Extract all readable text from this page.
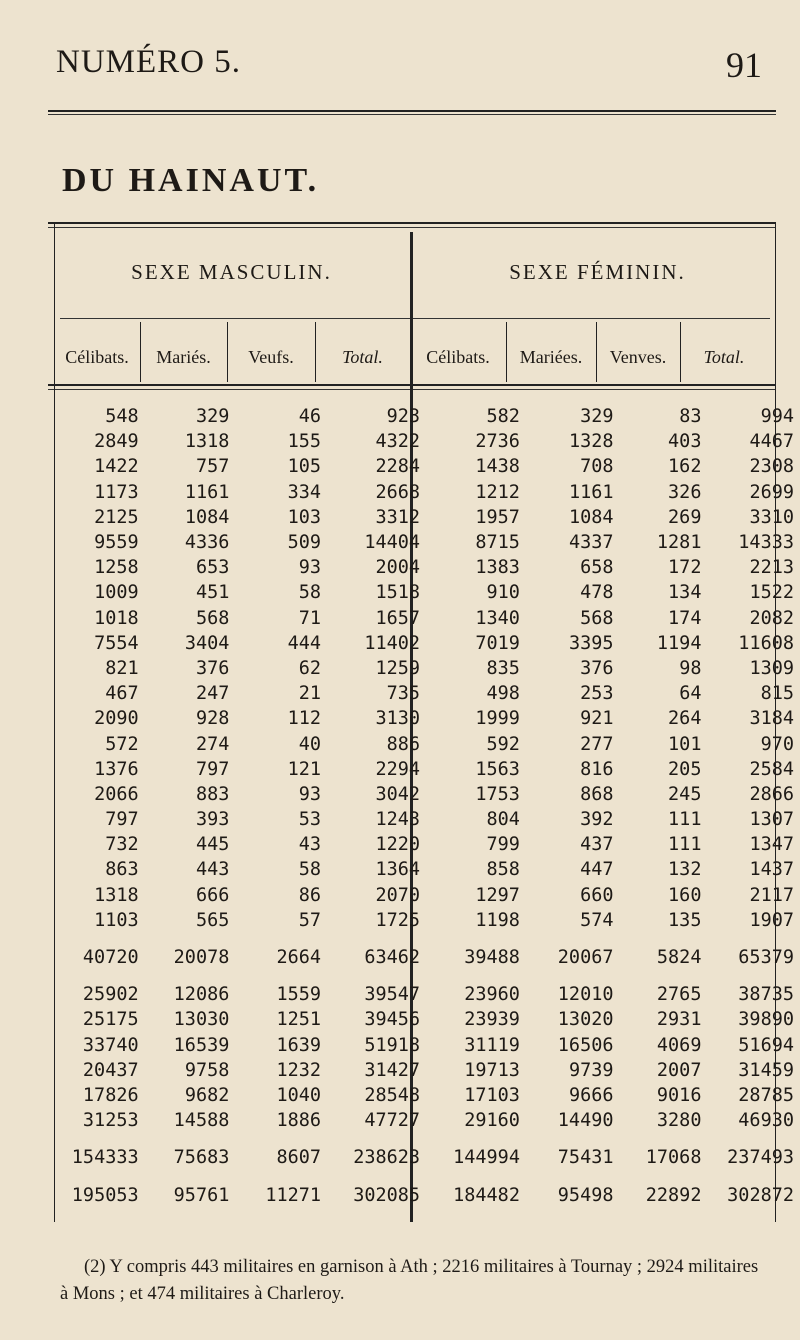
NUMÉRO 5.	91
DU HAINAUT.
SEXE MASCULIN.	SEXE FÉMININ.
Célibats.	Mariés.	Veufs.	Total.	Célibats.	Mariées.	Venves.	Total.
548	329	46	923	582	329	83	994
2849	1318	155	4322	2736	1328	403	4467
1422	757	105	2284	1438	708	162	2308
1173	1161	334	2668	1212	1161	326	2699
2125	1084	103	3312	1957	1084	269	3310
9559	4336	509	14404	8715	4337	1281	14333
1258	653	93	2004	1383	658	172	2213
1009	451	58	1518	910	478	134	1522
1018	568	71	1657	1340	568	174	2082
7554	3404	444	11402	7019	3395	1194	11608
821	376	62	1259	835	376	98	1309
467	247	21	735	498	253	64	815
2090	928	112	3130	1999	921	264	3184
572	274	40	886	592	277	101	970
1376	797	121	2294	1563	816	205	2584
2066	883	93	3042	1753	868	245	2866
797	393	53	1243	804	392	111	1307
732	445	43	1220	799	437	111	1347
863	443	58	1364	858	447	132	1437
1318	666	86	2070	1297	660	160	2117
1103	565	57	1725	1198	574	135	1907

40720	20078	2664	63462	39488	20067	5824	65379

25902	12086	1559	39547	23960	12010	2765	38735
25175	13030	1251	39456	23939	13020	2931	39890
33740	16539	1639	51918	31119	16506	4069	51694
20437	9758	1232	31427	19713	9739	2007	31459
17826	9682	1040	28548	17103	9666	9016	28785
31253	14588	1886	47727	29160	14490	3280	46930

154333	75683	8607	238623	144994	75431	17068	237493

195053	95761	11271	302085	184482	95498	22892	302872
(2) Y compris 443 militaires en garnison à Ath ; 2216 militaires à Tournay ; 2924 militaires à Mons ; et 474 militaires à Charleroy.
